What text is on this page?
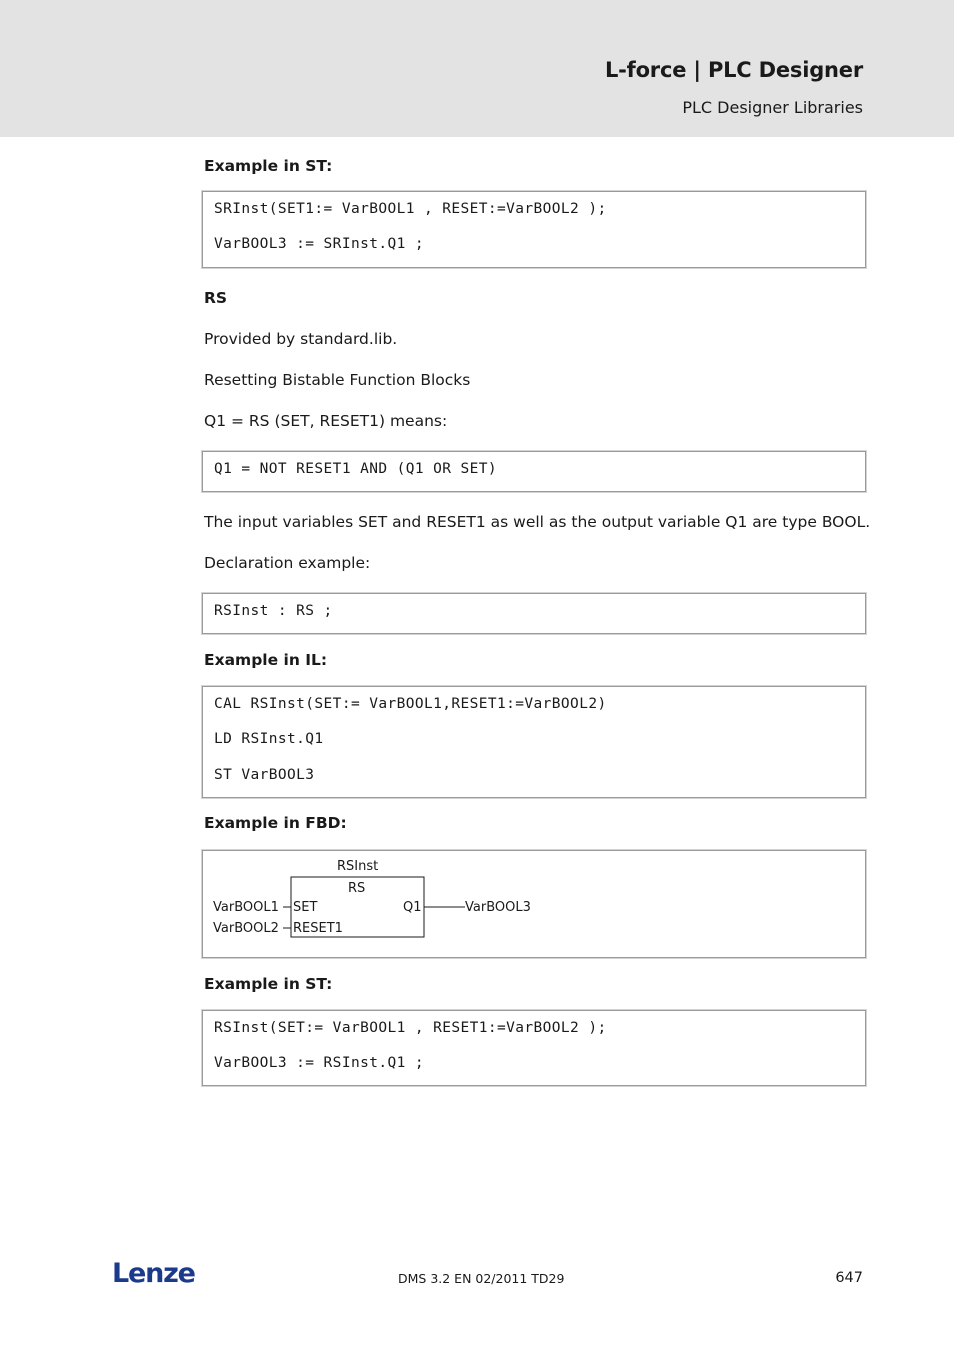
L-force | PLC Designer
PLC Designer Libraries
Example in ST:
SRInst(SET1:= VarBOOL1 , RESET:=VarBOOL2 );
VarBOOL3 := SRInst.Q1 ;
RS
Provided by standard.lib.
Resetting Bistable Function Blocks
Q1 = RS (SET, RESET1) means:
Q1 = NOT RESET1 AND (Q1 OR SET)
The input variables SET and RESET1 as well as the output variable Q1 are type BOOL.
Declaration example:
RSInst : RS ;
Example in IL:
CAL RSInst(SET:= VarBOOL1,RESET1:=VarBOOL2)
LD RSInst.Q1
ST VarBOOL3
Example in FBD:
RSInst
RS
VarBOOL1 SET
VarBOOL2 RESET1
Q1	VarBOOL3
Example in ST:
RSInst(SET:= VarBOOL1 , RESET1:=VarBOOL2 );
VarBOOL3 := RSInst.Q1 ;
Lenze	DMS 3.2 EN 02/2011 TD29	647
